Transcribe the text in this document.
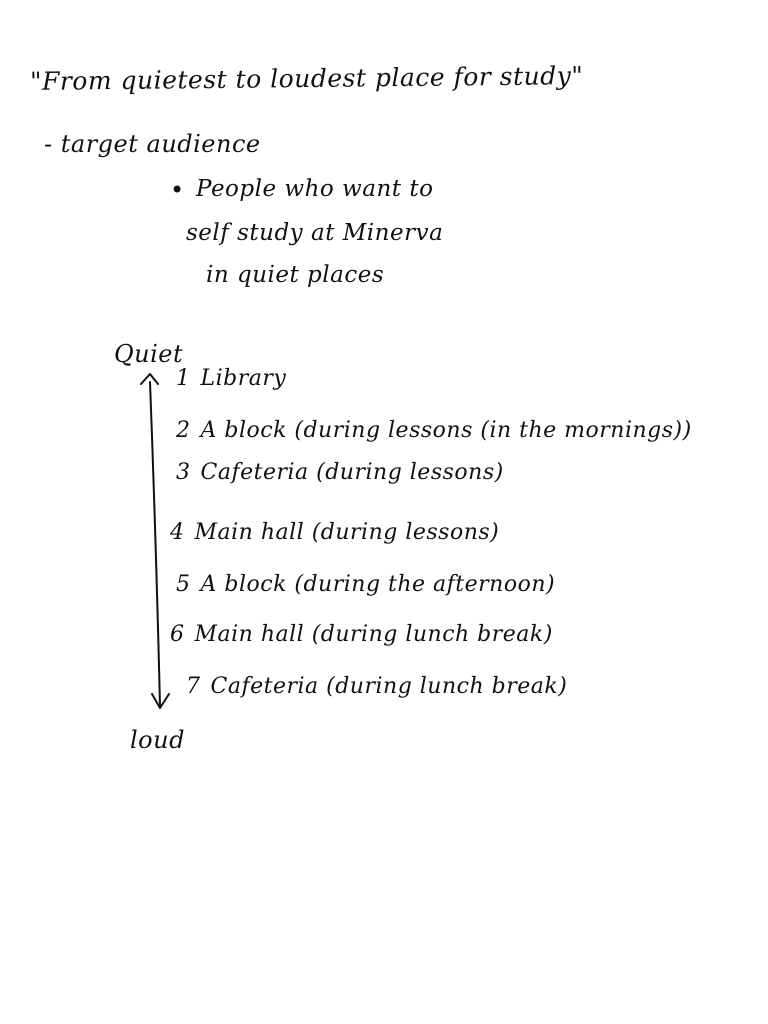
"From quietest to loudest place for study"
- target audience
• People who want to
self study at Minerva
in quiet places
Quiet
1 Library
2 A block (during lessons (in the mornings))
3 Cafeteria (during lessons)
4 Main hall (during lessons)
5 A block (during the afternoon)
6 Main hall (during lunch break)
7 Cafeteria (during lunch break)
loud
